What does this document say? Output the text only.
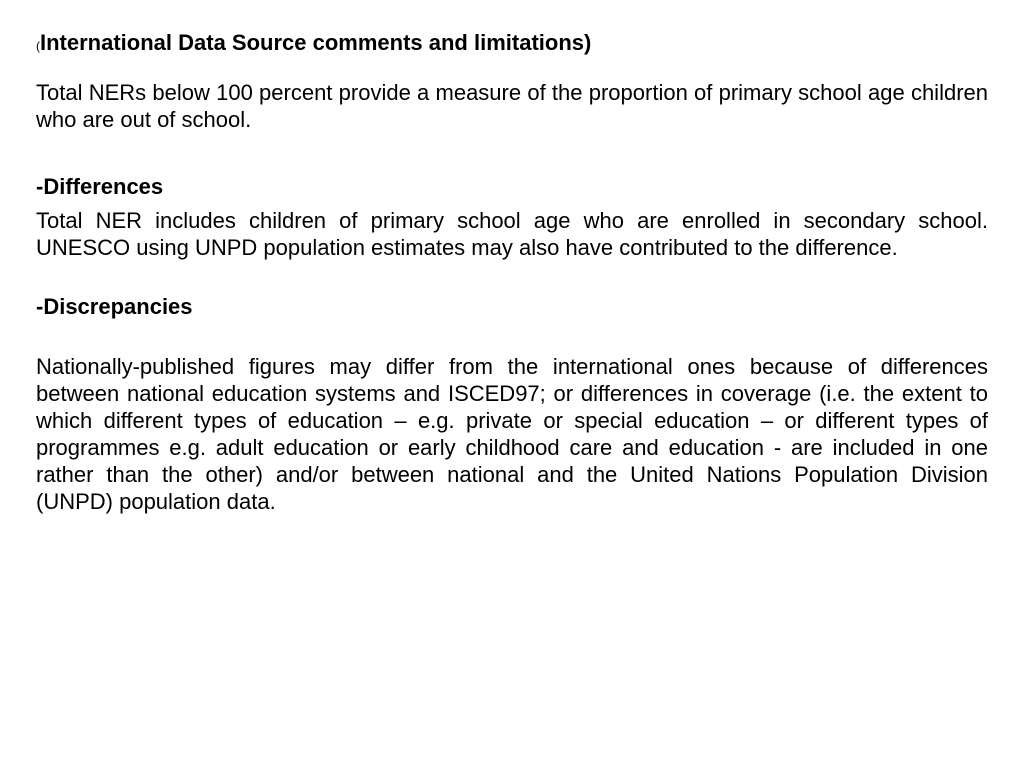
(International Data Source comments and limitations)

Total NERs below 100 percent provide a measure of the proportion of primary school age children who are out of school.

-Differences

Total NER includes children of primary school age who are enrolled in secondary school. UNESCO using UNPD population estimates may also have contributed to the difference.

-Discrepancies

Nationally-published figures may differ from the international ones because of differences between national education systems and ISCED97; or differences in coverage (i.e. the extent to which different types of education – e.g. private or special education – or different types of programmes e.g. adult education or early childhood care and education - are included in one rather than the other) and/or between national and the United Nations Population Division (UNPD) population data.
